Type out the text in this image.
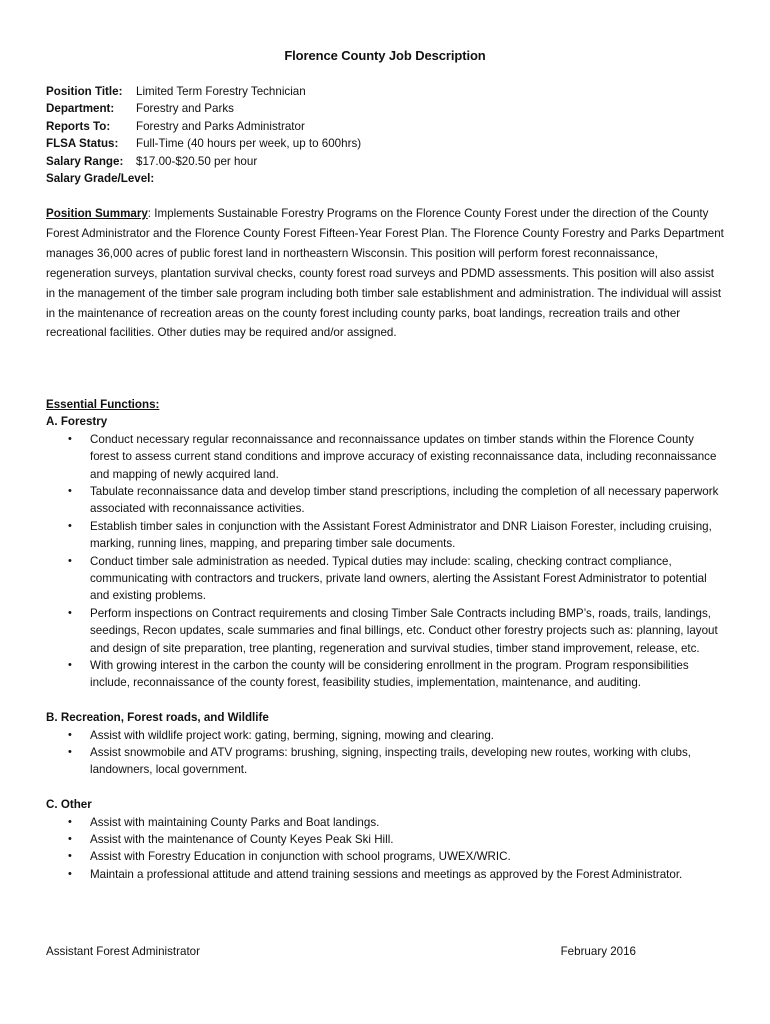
Florence County Job Description
Position Title: Limited Term Forestry Technician
Department: Forestry and Parks
Reports To: Forestry and Parks Administrator
FLSA Status: Full-Time (40 hours per week, up to 600hrs)
Salary Range: $17.00-$20.50 per hour
Salary Grade/Level:
Position Summary: Implements Sustainable Forestry Programs on the Florence County Forest under the direction of the County Forest Administrator and the Florence County Forest Fifteen-Year Forest Plan. The Florence County Forestry and Parks Department manages 36,000 acres of public forest land in northeastern Wisconsin. This position will perform forest reconnaissance, regeneration surveys, plantation survival checks, county forest road surveys and PDMD assessments. This position will also assist in the management of the timber sale program including both timber sale establishment and administration. The individual will assist in the maintenance of recreation areas on the county forest including county parks, boat landings, recreation trails and other recreational facilities. Other duties may be required and/or assigned.
Essential Functions:
A. Forestry
• Conduct necessary regular reconnaissance and reconnaissance updates on timber stands within the Florence County forest to assess current stand conditions and improve accuracy of existing reconnaissance data, including reconnaissance and mapping of newly acquired land.
• Tabulate reconnaissance data and develop timber stand prescriptions, including the completion of all necessary paperwork associated with reconnaissance activities.
• Establish timber sales in conjunction with the Assistant Forest Administrator and DNR Liaison Forester, including cruising, marking, running lines, mapping, and preparing timber sale documents.
• Conduct timber sale administration as needed. Typical duties may include: scaling, checking contract compliance, communicating with contractors and truckers, private land owners, alerting the Assistant Forest Administrator to potential and existing problems.
• Perform inspections on Contract requirements and closing Timber Sale Contracts including BMP’s, roads, trails, landings, seedings, Recon updates, scale summaries and final billings, etc. Conduct other forestry projects such as: planning, layout and design of site preparation, tree planting, regeneration and survival studies, timber stand improvement, release, etc.
• With growing interest in the carbon the county will be considering enrollment in the program. Program responsibilities include, reconnaissance of the county forest, feasibility studies, implementation, maintenance, and auditing.
B. Recreation, Forest roads, and Wildlife
• Assist with wildlife project work: gating, berming, signing, mowing and clearing.
• Assist snowmobile and ATV programs: brushing, signing, inspecting trails, developing new routes, working with clubs, landowners, local government.
C. Other
• Assist with maintaining County Parks and Boat landings.
• Assist with the maintenance of County Keyes Peak Ski Hill.
• Assist with Forestry Education in conjunction with school programs, UWEX/WRIC.
• Maintain a professional attitude and attend training sessions and meetings as approved by the Forest Administrator.
Assistant Forest Administrator	February 2016
